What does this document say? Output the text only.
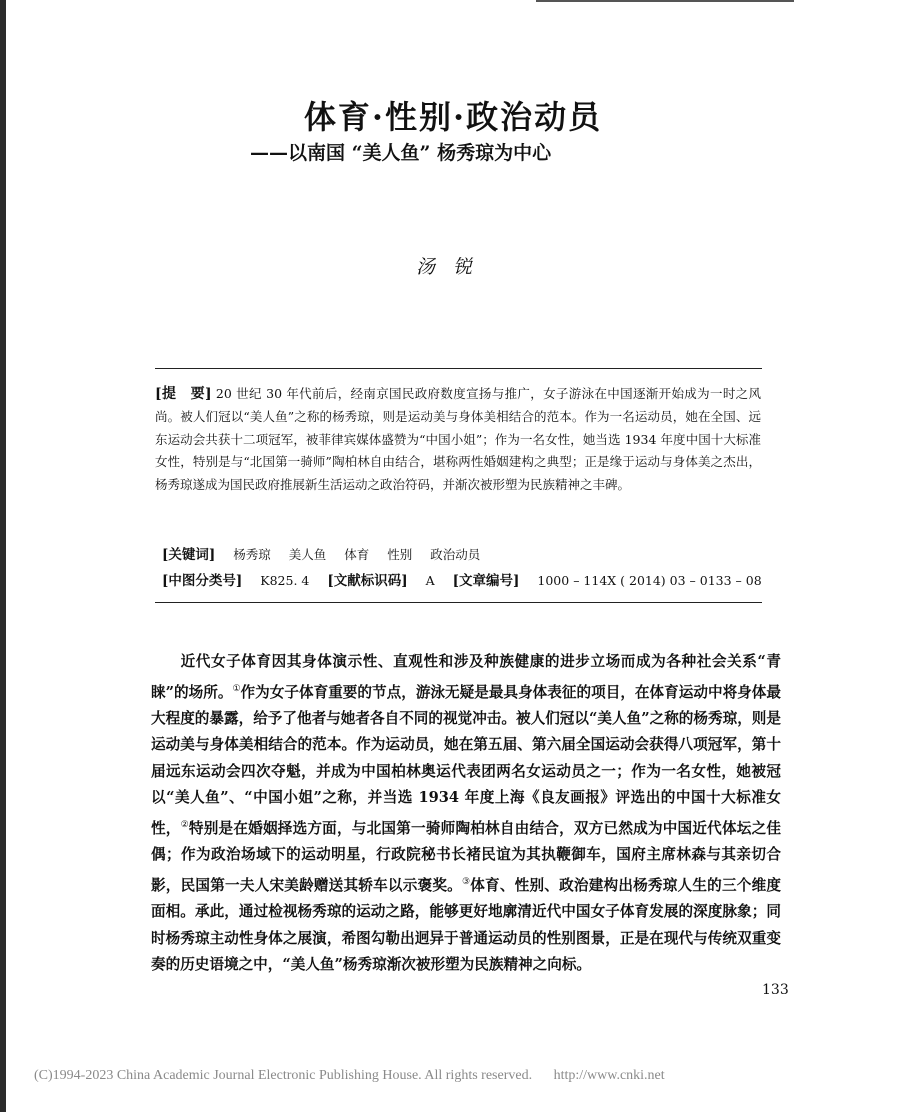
体育·性别·政治动员
——以南国 “美人鱼” 杨秀琼为中心
汤锐
[提　要] 20 世纪 30 年代前后，经南京国民政府数度宣扬与推广，女子游泳在中国逐渐开始成为一时之风尚。被人们冠以“美人鱼”之称的杨秀琼，则是运动美与身体美相结合的范本。作为一名运动员，她在全国、远东运动会共获十二项冠军，被菲律宾媒体盛赞为“中国小姐”；作为一名女性，她当选 1934 年度中国十大标准女性，特别是与“北国第一骑师”陶柏林自由结合，堪称两性婚姻建构之典型；正是缘于运动与身体美之杰出，杨秀琼遂成为国民政府推展新生活运动之政治符码，并渐次被形塑为民族精神之丰碑。
[关键词] 杨秀琼 美人鱼 体育 性别 政治动员
[中图分类号] K825. 4 [文献标识码] A [文章编号] 1000 – 114X ( 2014) 03 – 0133 – 08
近代女子体育因其身体演示性、直观性和涉及种族健康的进步立场而成为各种社会关系“青睐”的场所。①作为女子体育重要的节点，游泳无疑是最具身体表征的项目，在体育运动中将身体最大程度的暴露，给予了他者与她者各自不同的视觉冲击。被人们冠以“美人鱼”之称的杨秀琼，则是运动美与身体美相结合的范本。作为运动员，她在第五届、第六届全国运动会获得八项冠军，第十届远东运动会四次夺魁，并成为中国柏林奥运代表团两名女运动员之一；作为一名女性，她被冠以“美人鱼”、“中国小姐”之称，并当选 1934 年度上海《良友画报》评选出的中国十大标准女性，②特别是在婚姻择选方面，与北国第一骑师陶柏林自由结合，双方已然成为中国近代体坛之佳偶；作为政治场域下的运动明星，行政院秘书长褚民谊为其执鞭御车，国府主席林森与其亲切合影，民国第一夫人宋美龄赠送其轿车以示褒奖。③体育、性别、政治建构出杨秀琼人生的三个维度面相。承此，通过检视杨秀琼的运动之路，能够更好地廓清近代中国女子体育发展的深度脉象；同时杨秀琼主动性身体之展演，希图勾勒出迥异于普通运动员的性别图景，正是在现代与传统双重变奏的历史语境之中，“美人鱼”杨秀琼渐次被形塑为民族精神之向标。
133
(C)1994-2023 China Academic Journal Electronic Publishing House. All rights reserved. http://www.cnki.net
